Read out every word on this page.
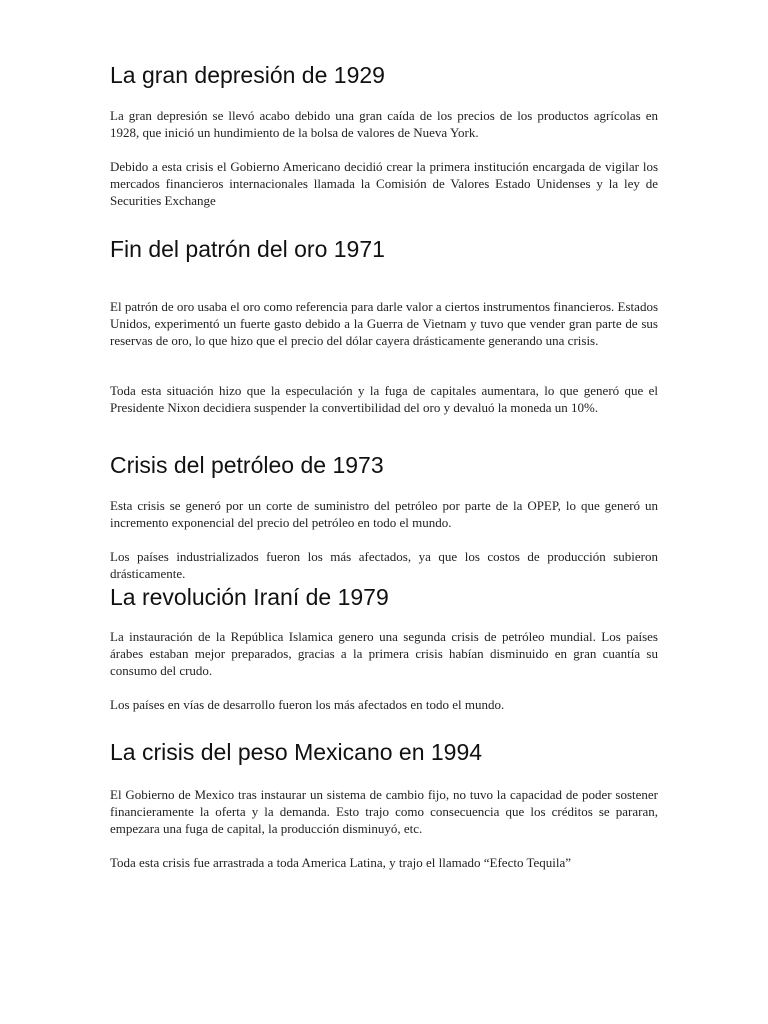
La gran depresión de 1929

La gran depresión se llevó acabo debido una gran caída de los precios de los productos agrícolas en 1928, que inició un hundimiento de la bolsa de valores de Nueva York.

Debido a esta crisis el Gobierno Americano decidió crear la primera institución encargada de vigilar los mercados financieros internacionales llamada la Comisión de Valores Estado Unidenses y la ley de Securities Exchange

Fin del patrón del oro 1971

El patrón de oro usaba el oro como referencia para darle valor a ciertos instrumentos financieros. Estados Unidos, experimentó un fuerte gasto debido a la Guerra de Vietnam y tuvo que vender gran parte de sus reservas de oro, lo que hizo que el precio del dólar cayera drásticamente generando una crisis.

Toda esta situación hizo que la especulación y la fuga de capitales aumentara, lo que generó que el Presidente Nixon decidiera suspender la convertibilidad del oro y devaluó la moneda un 10%.

Crisis del petróleo de 1973

Esta crisis se generó por un corte de suministro del petróleo por parte de la OPEP, lo que generó un incremento exponencial del precio del petróleo en todo el mundo.

Los países industrializados fueron los más afectados, ya que los costos de producción subieron drásticamente.

La revolución Iraní de 1979

La instauración de la República Islamica genero una segunda crisis de petróleo mundial. Los países árabes estaban mejor preparados, gracias a la primera crisis habían disminuido en gran cuantía su consumo del crudo.

Los países en vías de desarrollo fueron los más afectados en todo el mundo.

La crisis del peso Mexicano en 1994

El Gobierno de Mexico tras instaurar un sistema de cambio fijo, no tuvo la capacidad de poder sostener financieramente la oferta y la demanda. Esto trajo como consecuencia que los créditos se pararan, empezara una fuga de capital, la producción disminuyó, etc.

Toda esta crisis fue arrastrada a toda America Latina, y trajo el llamado “Efecto Tequila”
